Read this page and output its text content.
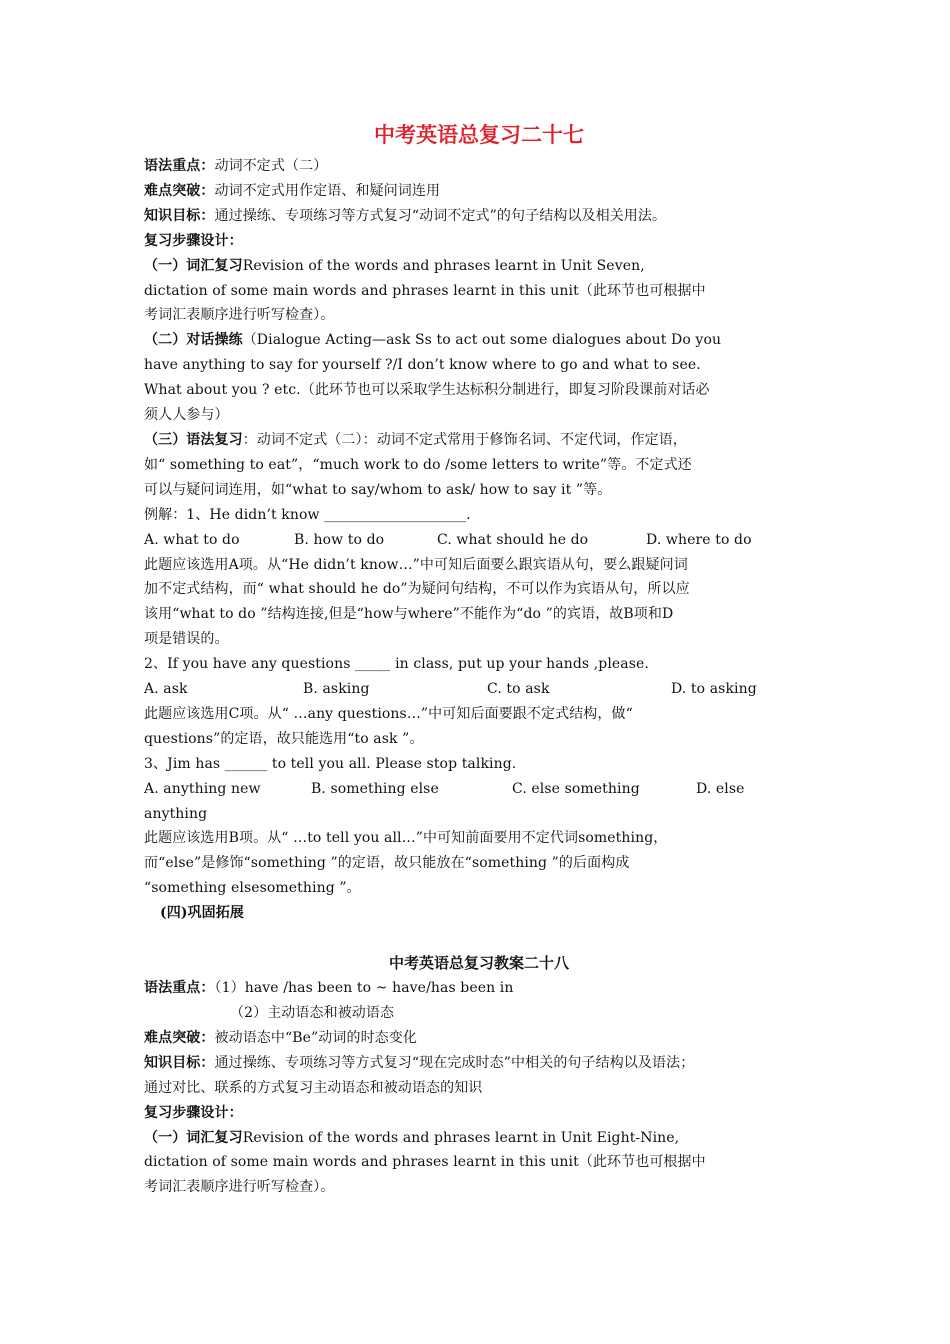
中考英语总复习二十七
语法重点：动词不定式（二）
难点突破：动词不定式用作定语、和疑问词连用
知识目标：通过操练、专项练习等方式复习“动词不定式”的句子结构以及相关用法。
复习步骤设计：
（一）词汇复习Revision of the words and phrases learnt in Unit Seven,
dictation of some main words and phrases learnt in this unit（此环节也可根据中
考词汇表顺序进行听写检查）。
（二）对话操练（Dialogue Acting—ask Ss to act out some dialogues about Do you
have anything to say for yourself ?/I don’t know where to go and what to see.
What about you ? etc.（此环节也可以采取学生达标积分制进行，即复习阶段课前对话必
须人人参与）
（三）语法复习：动词不定式（二）：动词不定式常用于修饰名词、不定代词，作定语，
如“ something to eat”，“much work to do /some letters to write”等。不定式还
可以与疑问词连用，如“what to say/whom to ask/ how to say it ”等。
例解：1、He didn’t know ____________________.
A. what to do	B. how to do	C. what should he do	D. where to do
此题应该选用A项。从“He didn’t know…”中可知后面要么跟宾语从句，要么跟疑问词
加不定式结构，而“ what should he do”为疑问句结构，不可以作为宾语从句，所以应
该用“what to do ”结构连接,但是“how与where”不能作为“do ”的宾语，故B项和D
项是错误的。
2、If you have any questions _____ in class, put up your hands ,please.
A. ask	B. asking	C. to ask	D. to asking
此题应该选用C项。从“ …any questions…”中可知后面要跟不定式结构，做“
questions”的定语，故只能选用“to ask ”。
3、Jim has ______ to tell you all. Please stop talking.
A. anything new	B. something else	C. else something	D. else
anything
此题应该选用B项。从“ …to tell you all…”中可知前面要用不定代词something，
而“else”是修饰“something ”的定语，故只能放在“something ”的后面构成
“something elsesomething ”。
(四)巩固拓展
中考英语总复习教案二十八
语法重点：（1）have /has been to ~ have/has been in
（2）主动语态和被动语态
难点突破：被动语态中“Be”动词的时态变化
知识目标：通过操练、专项练习等方式复习“现在完成时态”中相关的句子结构以及语法；
通过对比、联系的方式复习主动语态和被动语态的知识
复习步骤设计：
（一）词汇复习Revision of the words and phrases learnt in Unit Eight-Nine,
dictation of some main words and phrases learnt in this unit（此环节也可根据中
考词汇表顺序进行听写检查）。
